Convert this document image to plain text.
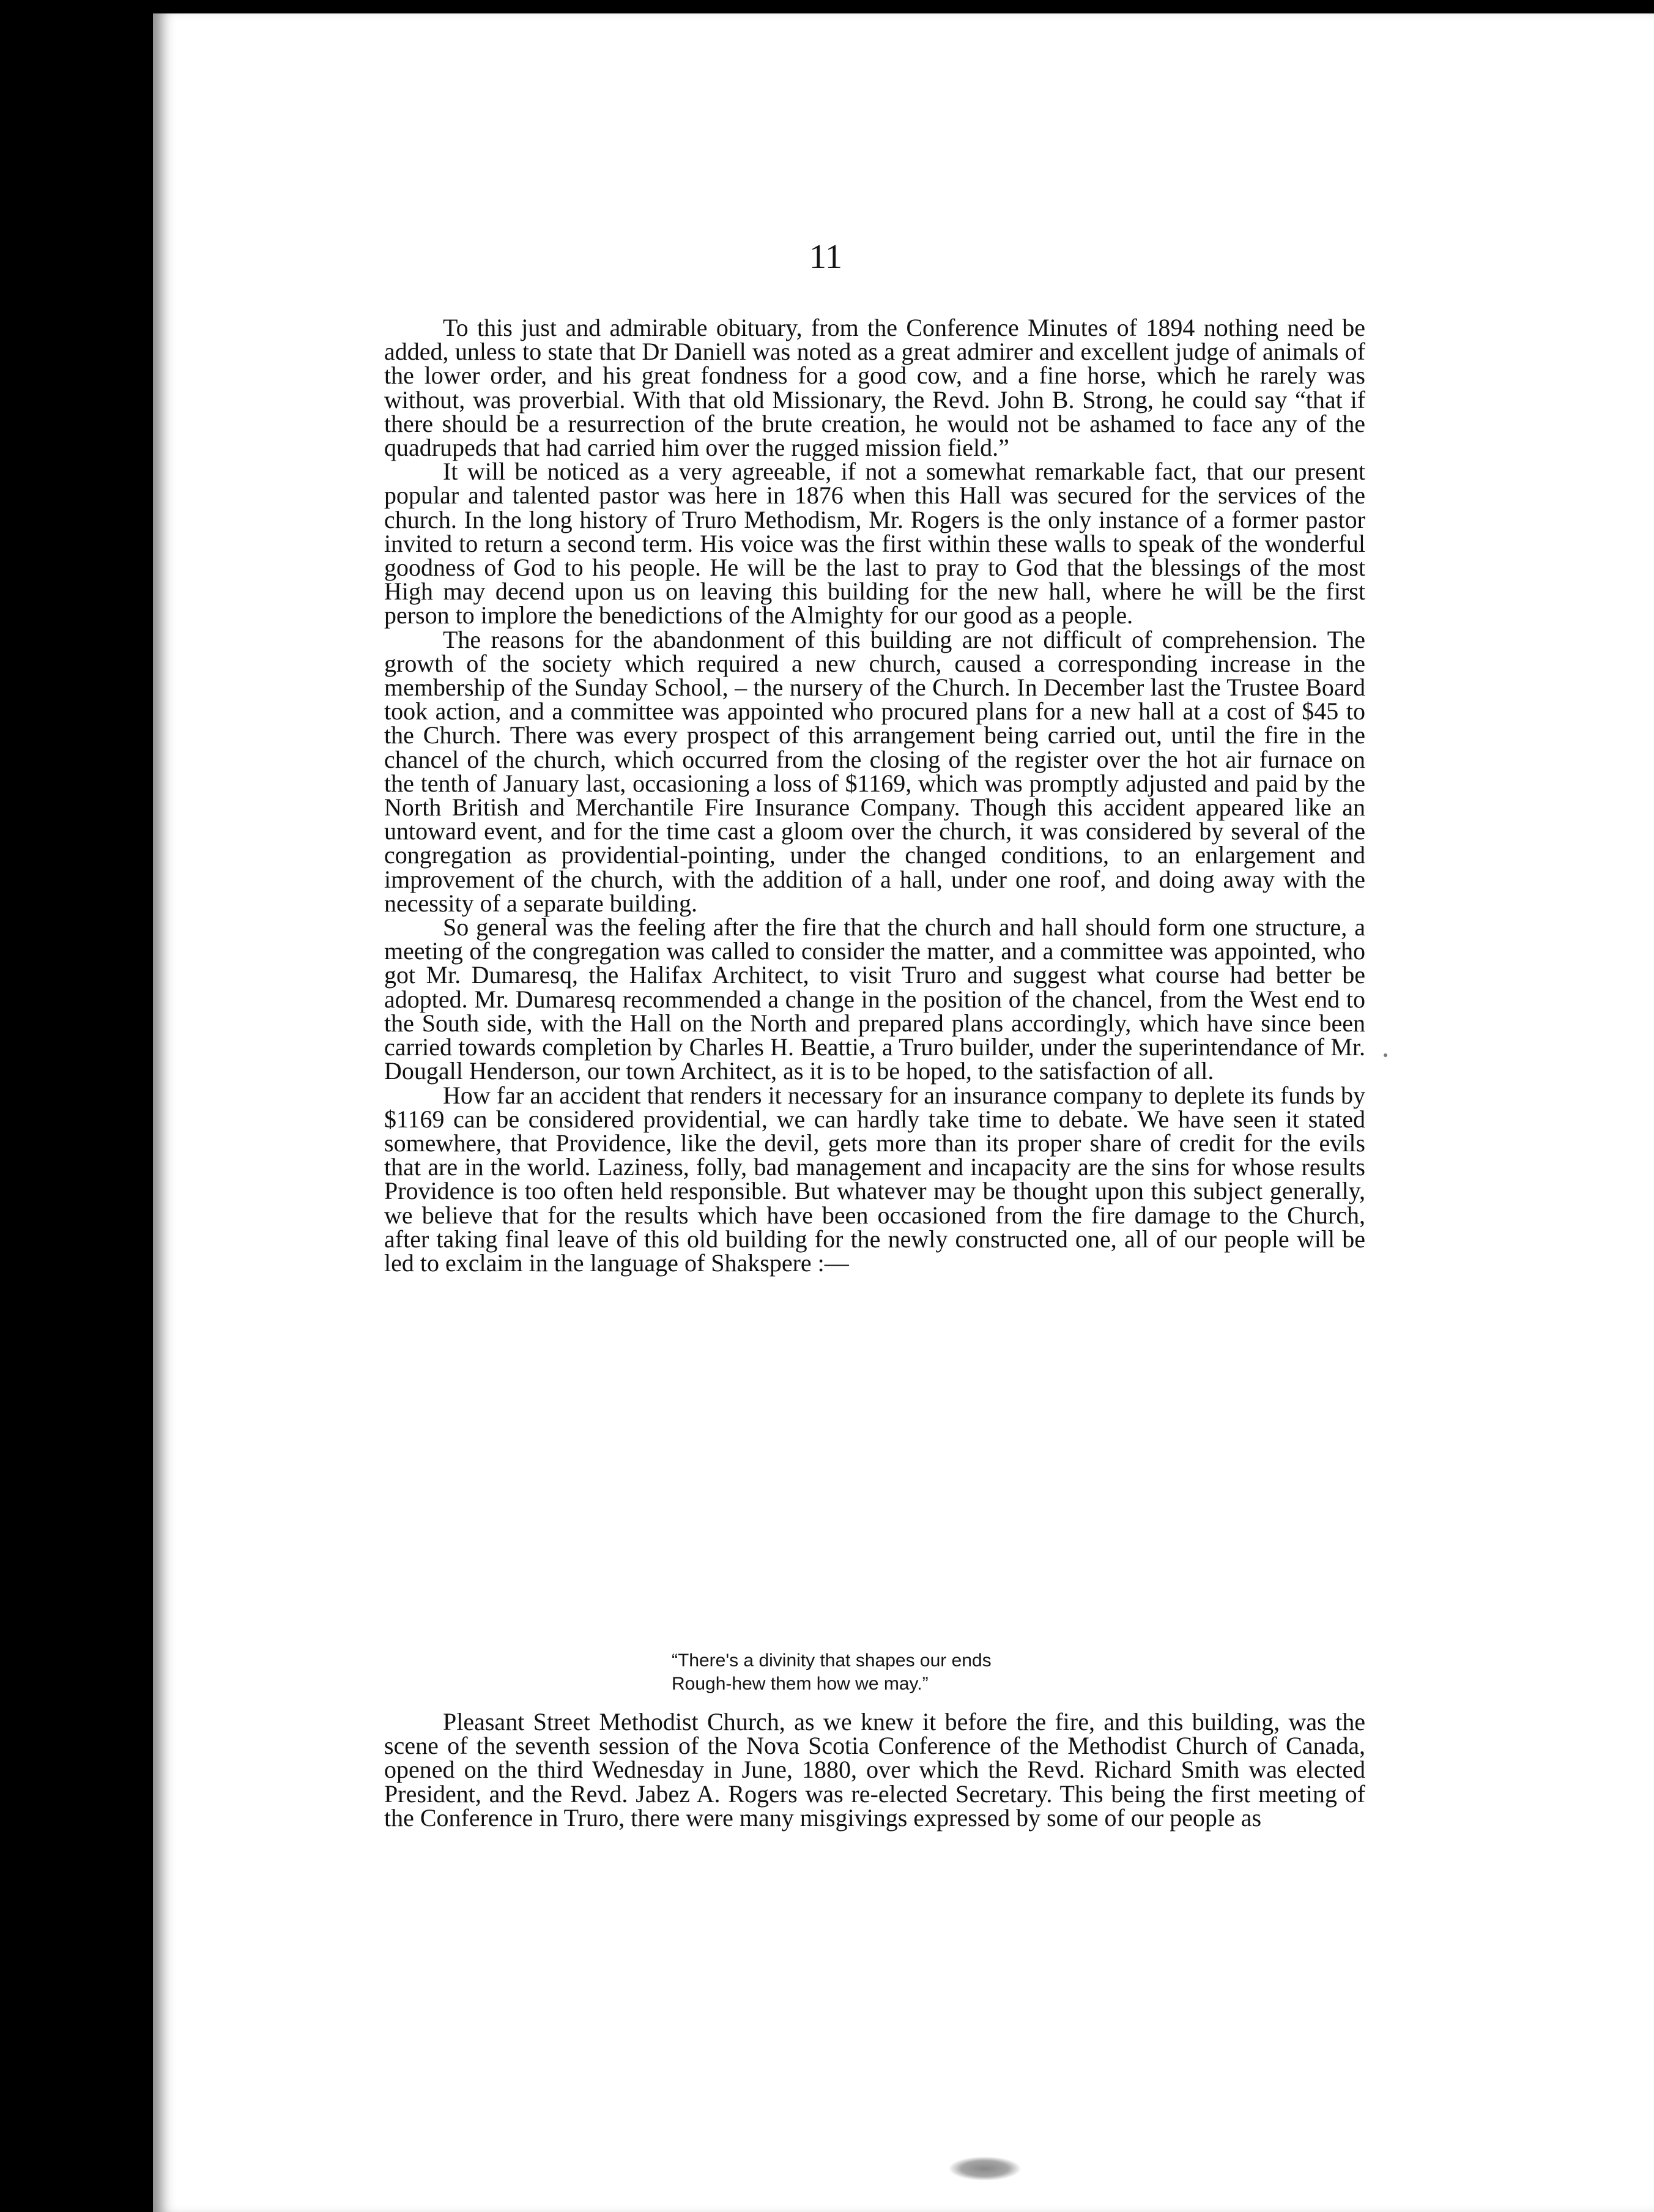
11

To this just and admirable obituary, from the Conference Minutes of 1894 nothing need be added, unless to state that Dr Daniell was noted as a great admirer and excellent judge of animals of the lower order, and his great fondness for a good cow, and a fine horse, which he rarely was without, was proverbial. With that old Missionary, the Revd. John B. Strong, he could say “that if there should be a resurrection of the brute creation, he would not be ashamed to face any of the quadrupeds that had carried him over the rugged mission field.”

It will be noticed as a very agreeable, if not a somewhat remarkable fact, that our present popular and talented pastor was here in 1876 when this Hall was secured for the services of the church. In the long history of Truro Methodism, Mr. Rogers is the only instance of a former pastor invited to return a second term. His voice was the first within these walls to speak of the wonderful goodness of God to his people. He will be the last to pray to God that the blessings of the most High may decend upon us on leaving this building for the new hall, where he will be the first person to implore the benedictions of the Almighty for our good as a people.

The reasons for the abandonment of this building are not difficult of comprehension. The growth of the society which required a new church, caused a corresponding increase in the membership of the Sunday School, – the nursery of the Church. In December last the Trustee Board took action, and a committee was appointed who procured plans for a new hall at a cost of $45 to the Church. There was every prospect of this arrangement being carried out, until the fire in the chancel of the church, which occurred from the closing of the register over the hot air furnace on the tenth of January last, occasioning a loss of $1169, which was promptly adjusted and paid by the North British and Merchantile Fire Insurance Company. Though this accident appeared like an untoward event, and for the time cast a gloom over the church, it was considered by several of the congregation as providential-pointing, under the changed conditions, to an enlargement and improvement of the church, with the addition of a hall, under one roof, and doing away with the necessity of a separate building.

So general was the feeling after the fire that the church and hall should form one structure, a meeting of the congregation was called to consider the matter, and a committee was appointed, who got Mr. Dumaresq, the Halifax Architect, to visit Truro and suggest what course had better be adopted. Mr. Dumaresq recommended a change in the position of the chancel, from the West end to the South side, with the Hall on the North and prepared plans accordingly, which have since been carried towards completion by Charles H. Beattie, a Truro builder, under the superintendance of Mr. Dougall Henderson, our town Architect, as it is to be hoped, to the satisfaction of all.

How far an accident that renders it necessary for an insurance company to deplete its funds by $1169 can be considered providential, we can hardly take time to debate. We have seen it stated somewhere, that Providence, like the devil, gets more than its proper share of credit for the evils that are in the world. Laziness, folly, bad management and incapacity are the sins for whose results Providence is too often held responsible. But whatever may be thought upon this subject generally, we believe that for the results which have been occasioned from the fire damage to the Church, after taking final leave of this old building for the newly constructed one, all of our people will be led to exclaim in the language of Shakspere :—

“There's a divinity that shapes our ends
Rough-hew them how we may.”

Pleasant Street Methodist Church, as we knew it before the fire, and this building, was the scene of the seventh session of the Nova Scotia Conference of the Methodist Church of Canada, opened on the third Wednesday in June, 1880, over which the Revd. Richard Smith was elected President, and the Revd. Jabez A. Rogers was re-elected Secretary. This being the first meeting of the Conference in Truro, there were many misgivings expressed by some of our people as
